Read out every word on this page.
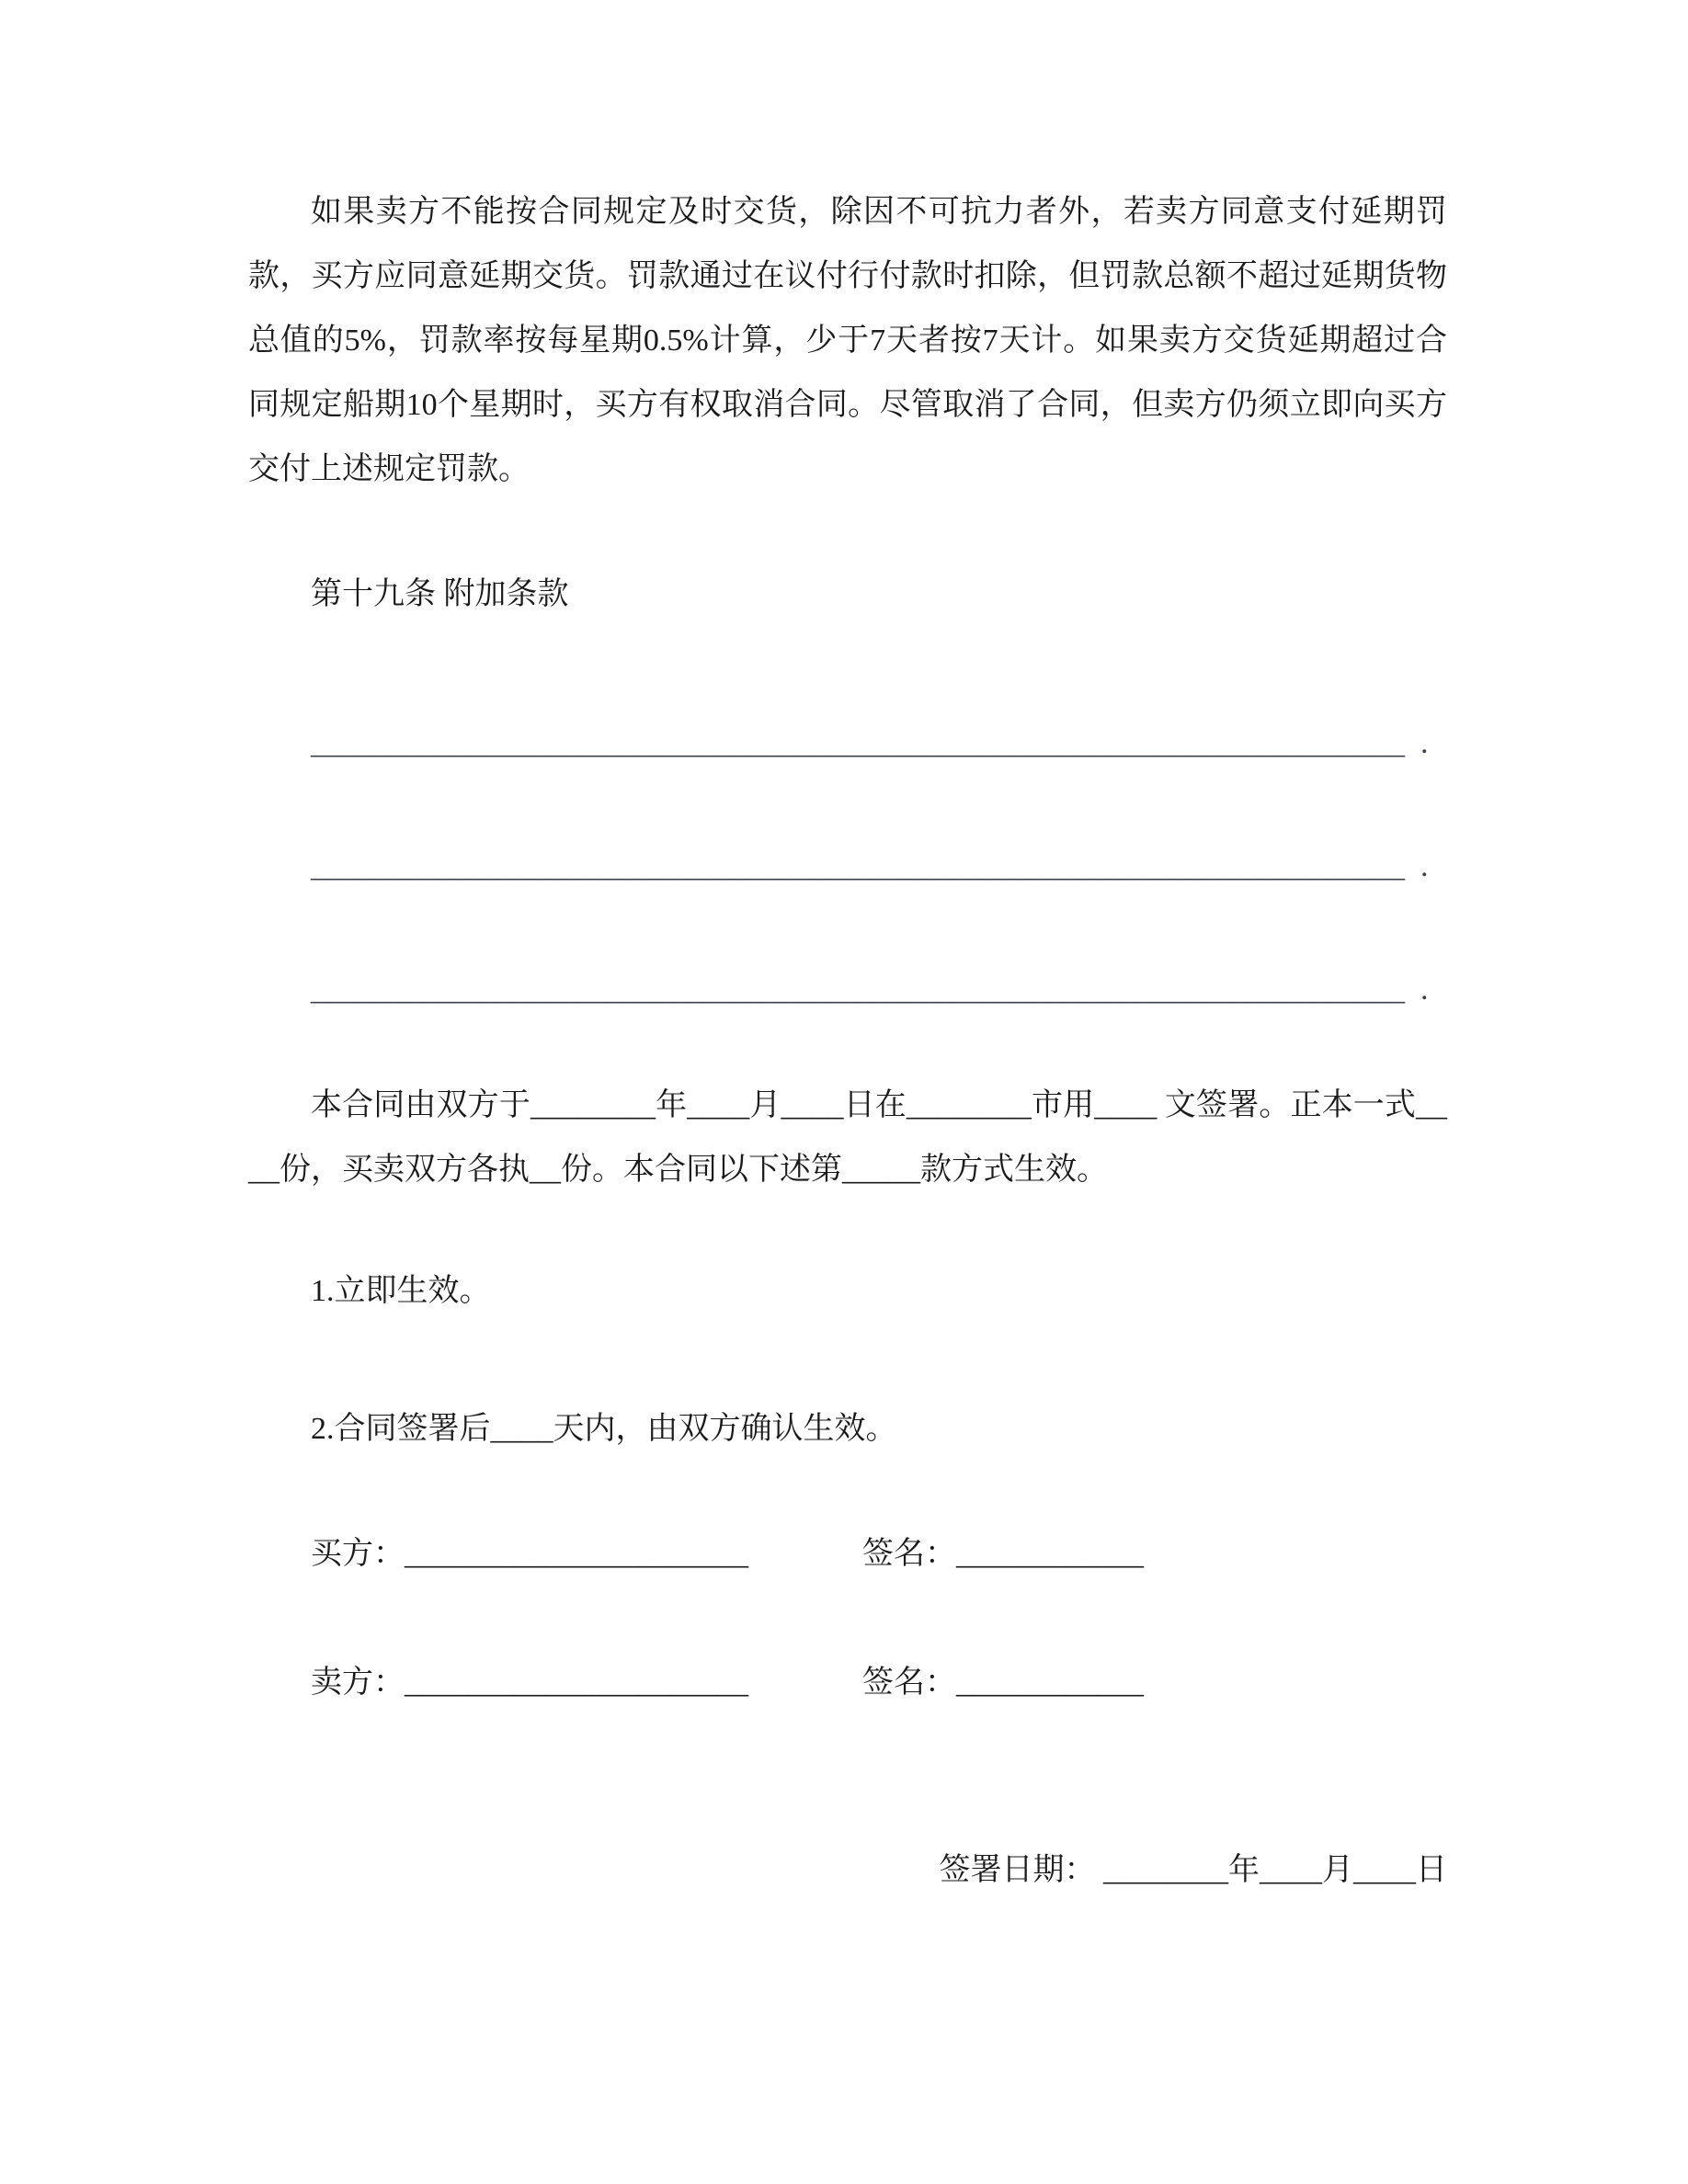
如果卖方不能按合同规定及时交货，除因不可抗力者外，若卖方同意支付延期罚款，买方应同意延期交货。罚款通过在议付行付款时扣除，但罚款总额不超过延期货物总值的5%，罚款率按每星期0.5%计算，少于7天者按7天计。如果卖方交货延期超过合同规定船期10个星期时，买方有权取消合同。尽管取消了合同，但卖方仍须立即向买方交付上述规定罚款。

第十九条 附加条款

______________________________________________________________________  .
______________________________________________________________________  .
______________________________________________________________________  .

本合同由双方于________年____月____日在________市用____ 文签署。正本一式____份，买卖双方各执__份。本合同以下述第_____款方式生效。

1.立即生效。

2.合同签署后____天内，由双方确认生效。

买方：______________________	签名：____________
卖方：______________________	签名：____________
签署日期： ________年____月____日
